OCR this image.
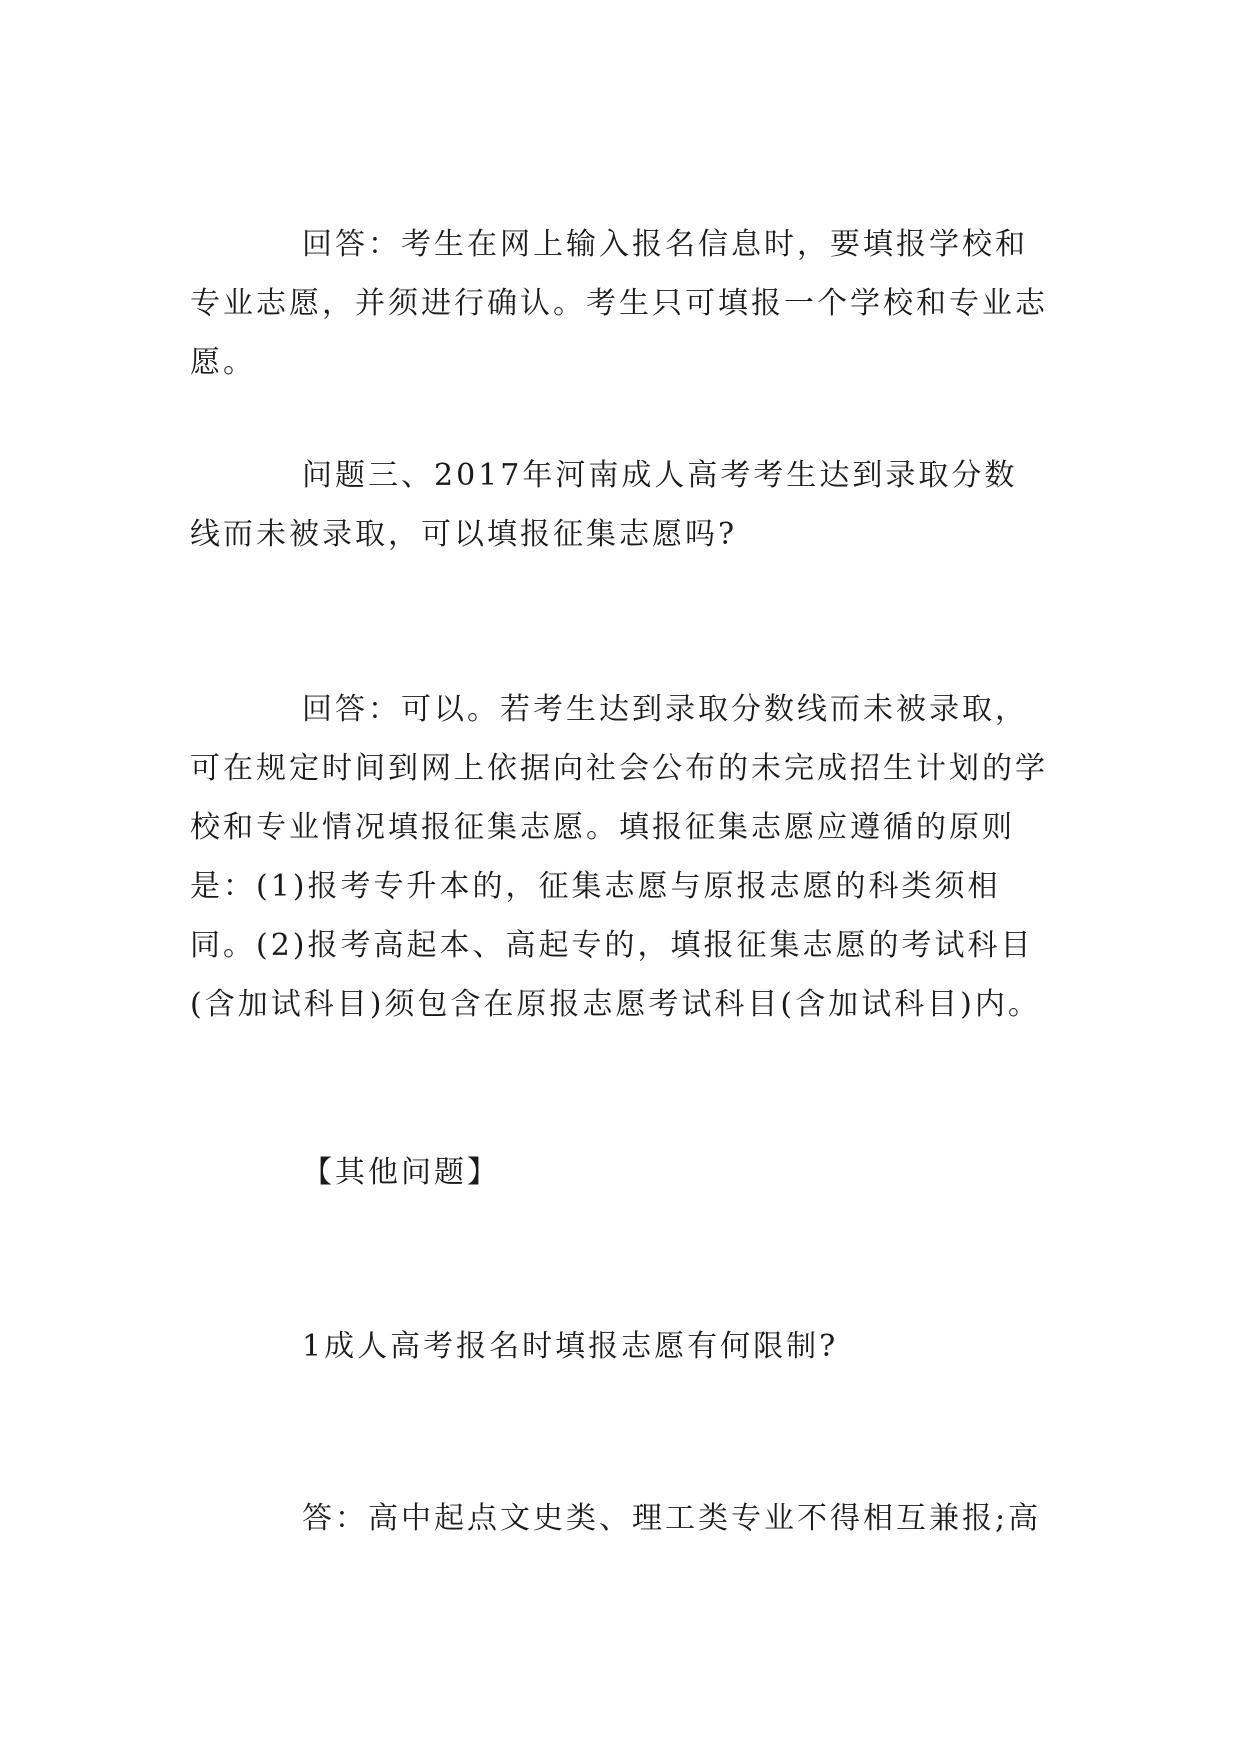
回答：考生在网上输入报名信息时，要填报学校和专业志愿，并须进行确认。考生只可填报一个学校和专业志愿。

问题三、2017年河南成人高考考生达到录取分数线而未被录取，可以填报征集志愿吗?

回答：可以。若考生达到录取分数线而未被录取，可在规定时间到网上依据向社会公布的未完成招生计划的学校和专业情况填报征集志愿。填报征集志愿应遵循的原则是：(1)报考专升本的，征集志愿与原报志愿的科类须相同。(2)报考高起本、高起专的，填报征集志愿的考试科目(含加试科目)须包含在原报志愿考试科目(含加试科目)内。

【其他问题】

1成人高考报名时填报志愿有何限制?

答：高中起点文史类、理工类专业不得相互兼报;高
